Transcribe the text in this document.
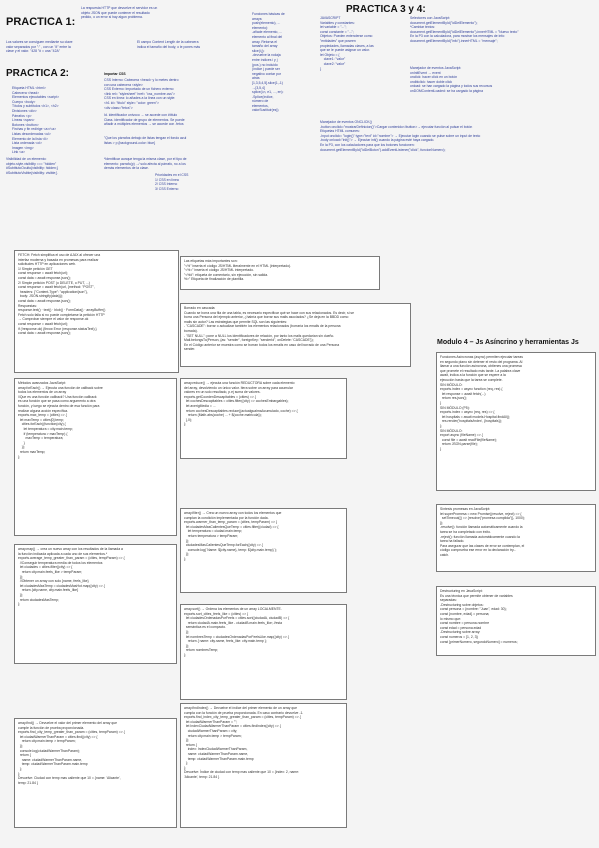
PRACTICA 1:
PRACTICA 2:
PRACTICA 3 y 4:
Modulo 4 – Js Asíncrino y herramientas Js

La respuesta HTTP que devuelve el servidor es un
objeto JSON que puede contener el resultado
pedido, o un error si hay algun problema.

Los valores se consiguen mediante su clave
valor separados por ":" , con un "#" entre la
clave y el valor. "428 "# = una "42A"

El campo Content Length de la cabecera
indica el tamaño del body, o le pones más

Etiqueta HTML <html>
Cabecera <head>
Elementos ejecutables <script>
Cuerpo <body>
Títulos y subtítulos <h1>, <h2>
Divisiones <div>
Párrafos <p>
Líneas <span>
Botones <button>
Firchas y fin redirige <a>/<a>
Listas desordenadas <ul>
Elemento de la lista <li>
Lista ordenada <ol>
Imagen <img>
Link <a>

Visibilidad de un elemento:
objeto.style.visibility === "hidden"
#SubtitutoOculto{visibility: hidden;}
#SubtitutoVisible{visibility: visible;}

Importar CSS

CSS Interno: Cabecera <head> y lo metes dentro
con una cabecera <style>
CSS Externo: Importado de un fichero externo
<link rel= "stylesheet" href= "css_nombre.css">
CSS en línea: lo añades a la línea con un style:
<h1 id= "titulo" style= "color: green">
<div class="fetos">

Id. identificador unívoco → se accede con #título
Class. identificador de grupo de elementos. Se puede
añadir a múltiples elementos → se accede con .fetos

"Que los párrafos debajo de listas tengan el fondo azul
listas > p {background-color: blue}

*Identificar aunque tenga la misma clase, por el tipo de
elemento: parrafo(p) .../ solo afecta al párrafo, no a los
demás elementos de la clase.

Prioridades en el CSS
1/ CSS en línea
2/ CSS Interno
3/ CSS Externo

Funciones básicas de
arrays:
push(elemento), ...
elemento):
-añade elemento, ...
elemento al final del
array. Retorna el
tamaño del array
slice(i,j):
-devuelve la rodaja
entre índices i y j
(pos.) no incluido
(índice j puede ser
negativo contar por
atrás
[1,3,5,4,5].slice(1,-1)
→[3,5,4]
splice(i,n, e1, ..., en):
-Splice(índice,
número de
elementos,
valorSustituir(es))

JAVASCRIPT
Variables y constantes:
let variable = "...";
const constante = "...";
Objetos: Pueden entenderse como
"entidades" que poseen
propiedades, llamadas claves, a las
que se le puede asignar un valor.
let Objeto = {
clave1: "valor"
clave2: "valor"
}

Selectores con JavaScript:
document.getElementById("idDelElemento");
*Cambiar textos:
document.getElementById("idDelElemento").innerHTML = "Nuevo texto"
En la P3 con la calculadora, para mostrar los mensajes de info:
document.getElementById("info").innerHTML = "mensaje";

Manejador de eventos JavaScript:
onInitEvent → event
onclick: hacer click en un botón
ondblclick: hacer doble click
onload: se han cargado la página y todos sus recursos
onDOMContentLoaded: se ha cargado la página

Manejador de eventos ONCLICK()
-button onclick="mostrarDefinicion()">Cargar contenido</button>→ ejecutar función al pulsar el botón
Etiquetas HTML comunes:
-Input onclick= "login()" type="text" id="nombre"> → Ejecutar login cuando se pulse sobre un input de texto
-body onload="init()"> → Ejecutar init() cuando la página esté haya cargado.
En la P3, con los calculadores para que los botones funcionen:
document.getElementById("idDelBoton").addEventListener("click", funcionNumero);

FETCH: Fetch simplifica el uso de AJAX al ofrecer una
interfaz moderna y basada en promesas para realizar
solicitudes HTTP en aplicaciones web.
1/ Simple petición GET
const response = await fetch(url);
const data = await response.json();
2/ Simple petición POST (o DELETE, o PUT, ...)
const response = await fetch(url, {method: "POST",
headers: {"Content-Type": "application/json"},
body: JSON.stringify(data)});
const data = await response.json();
Respuestas:
response.text() · text() · blob() · FormData() · arrayBuffer()
Fetch solo falla si no puede completarse la petición HTTP
→ Comprobar siempre el valor de response.ok
const response = await fetch(url);
if (!response.ok) {throw Error (response.statusText);}
const data = await response.json();

Las etiquetas más importantes son:
"<%" inserta el código JS/HTML literalmente en el HTML (interpretado).
"<%=" inserta el código JS/HTML interpretado.
"<%#": etiqueta de comentario, sin ejecución, sin salida.
%>" Etiqueta de finalización de plantilla.

Borrado en cascada:
Cuando se borra una fila de una tabla, es necesario especificar qué se hace con sus relacionados. Es decir, si se
borra una Persona del ejemplo anterior, ¿habría que borrar sus mails asociados? ¿Se deja en la BBDD como
mails sin autor? Las estrategias que permite SQL son las siguientes:
- "CASCADE": borrar o actualizar también los elementos relacionados (borraría los emails de la persona
borrada).
- "SET NULL": pone a NULL los identificadores de relación, por tanto los mails quedarían sin dueño.
Mail.belongsTo(Person, {as: "sender", foreignKey: "senderId", onDelete: 'CASCADE'});
En el Código anterior se muestra como se borran todos los emails en caso del borrado de una Persona
sender.

Métodos avanzados JavaScript:
array.forEach() → Ejecuta una función de callback sobre
todos los elementos de un array
//Que es una función callback? Una función callback
es una función que se pasa como argumento a otra
función, y luego se ejecuta dentro de esa función para
realizar alguna acción específica.
exports.max_temp = (cities) => {
let maxTemp = cities[0].temp;
cities.forEach((function(city) {
let temperatura = city.main.temp;
if (temperatura > maxTemp) {
maxTemp = temperatura;
}
});
return maxTemp;
};

array.reduce() → ejecuta una función REDUCTORA sobre cada elemento
del array, devolviendo un único valor. Itera sobre un array para acumular
valores en un solo resultado, p.ej suma de valores.
exports.getCoordenDescapitables = (cities) => {
let cochesDescapitables = cities.filter((city) => cochesEmbargables);
let averigMedia = ...
return cochesDescapitables.reduce((actuaIgualmaAcumulado, coche) => {
return (Math.abs(coche) ... + $(coche.matricula));
},0);
};

array.map() → crea un nuevo array con los resultados de la llamada a
la función indicada aplicada a cada uno de sus elementos.*
exports.average_temp_greater_than_param = (cities, tempParam) => {
//Conseguir temperatura media de todos los elementos
let ciudades = cities.filter((city) => {
return city.main.feels_like > tempParam;
});
//Obtener un array con solo {name, feels_like}
let ciudadesMasTemp = ciudadesMasHot.map((city) => {
return {city.name, city.main.feels_like}
});
return ciudadesMasTemp;
};

array.filter() → Crea un nuevo array con todos los elementos que
cumplan la condición implementada por la función dada.
exports.warmer_than_temp_param = (cities, tempParam) => {
let ciudadesMasCalientesQueTemp = cities.filter((ciudad) => {
let temperatura = ciudad.main.temp;
return temperatura > tempParam;
});
ciudadesMasCalientesQueTemp.forEach((city) => {
console.log(`Name: ${city.name}, temp: ${city.main.temp}`);
});
};

array.sort() → Ordena los elementos de un array LOCALMENTE.
exports.sort_cities_feels_like = (cities) => {
let ciudadesOrdenadasPorFeels = cities.sort((ciudadA, ciudadB) => {
return ciudadA.main.feels_like - ciudadB.main.feels_like; //esta
semántica es el compacto.
});
let nombresTemp = ciudadesOrdenadasPorFeelsLike.map((city) => {
return { name: city.name, feels_like: city.main.temp };
});
return nombresTemp;
};

array.find() → Devuelve el valor del primer elemento del array que
cumple la función de prueba proporcionada.
exports.find_city_temp_greater_than_param = (cities, tempParam) => {
let ciudadWarmerThanParam = cities.find((city) => {
return city.main.temp > tempParam;
});
console.log(ciudadWarmerThanParam);
return {
name: ciudadWarmerThanParam.name,
temp: ciudadWarmerThanParam.main.temp
};
};
Devuelve: Ciudad con temp mas caliente que 10 = {name: 'Alicante',
temp: 21.84 }

array.findIndex() → Devuelve el índice del primer elemento de un array que
cumpla con la función de prueba proporcionada. En caso contrario devuelve -1.
exports.find_index_city_temp_greater_than_param = (cities, tempParam) => {
let ciudadWarmerThanParam = "";
let IndexCiudadWarmerThanParam = cities.findIndex((city) => {
ciudadWarmerThanParam = city;
return city.main.temp > tempParam;
});
return {
index: IndexCiudadWarmerThanParam,
name: ciudadWarmerThanParam.name,
temp: ciudadWarmerThanParam.main.temp
};
};
Devuelve: Índice de ciudad con temp mas caliente que 10 = {index: 2, name:
'Alicante', temp: 21.84 }

Funciones Asíncronas (async) permiten ejecutar tareas
en segundo plano sin detener el resto del programa. Al
llamar a una función asíncrona, obtienes una promesa
que promete el resultado más tarde. La palabra clave
await, indica a la función que se espere a la
ejecución hasta que la tarea se complete.
SIN MÓDULO:
exports.index = async function (req, res) {
let response = await fetch(...)
return res.json();
}
SIN MÓDULO (P5):
exports.index = async (req, res) => {
let hospitals = await models.Hospital.findAll();
res.render('hospitals/index', {hospitals});
};
SIN MÓDULO:
export async (fileName) => {
const file = await readFile(fileName);
return JSON.parse(file);
}

Síntesis promesas en JavaScript:
let superPromesa = new Promise((resolve, reject) => {
setTimeout(() => {resolve("promesa cumplida")}, 1000);
});
-resolve(): función llamada automáticamente cuando la
tarea se ha completado con éxito.
-reject(): función llamada automáticamente cuando la
tarea ha fallado.
Para asegurar que las clases de error se contemplan, el
código comprueba ese error en la declaración try...
catch.

Destructuring en JavaScript:
Es una técnica que permite obtener de variables
separadas:
-Destructuring sobre objetos:
const persona = {nombre: "Juan", edad: 30};
const {nombre, edad} = persona;
lo mismo que:
const nombre = persona.nombre
const edad = persona.edad
-Destructuring sobre array:
const numeros = [1, 2, 3];
const [primerNumero, segundoNumero] = numeros;
